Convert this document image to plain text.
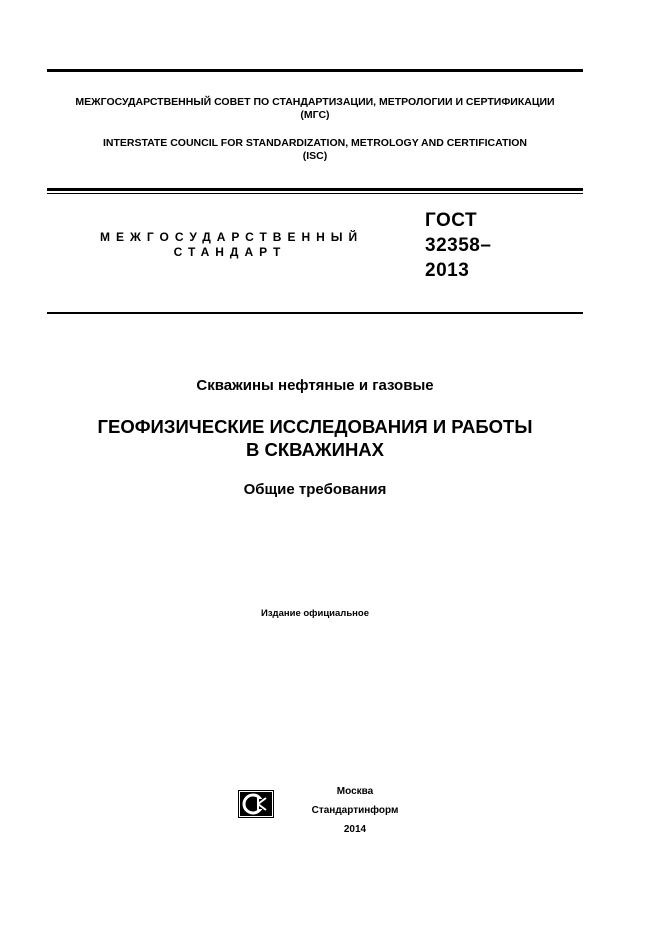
МЕЖГОСУДАРСТВЕННЫЙ СОВЕТ ПО СТАНДАРТИЗАЦИИ, МЕТРОЛОГИИ И СЕРТИФИКАЦИИ
(МГС)
INTERSTATE COUNCIL FOR STANDARDIZATION, METROLOGY AND CERTIFICATION
(ISC)
МЕЖГОСУДАРСТВЕННЫЙ
СТАНДАРТ
ГОСТ
32358–
2013
Скважины нефтяные и газовые
ГЕОФИЗИЧЕСКИЕ ИССЛЕДОВАНИЯ И РАБОТЫ
В СКВАЖИНАХ
Общие требования
Издание официальное
Москва
Стандартинформ
2014
